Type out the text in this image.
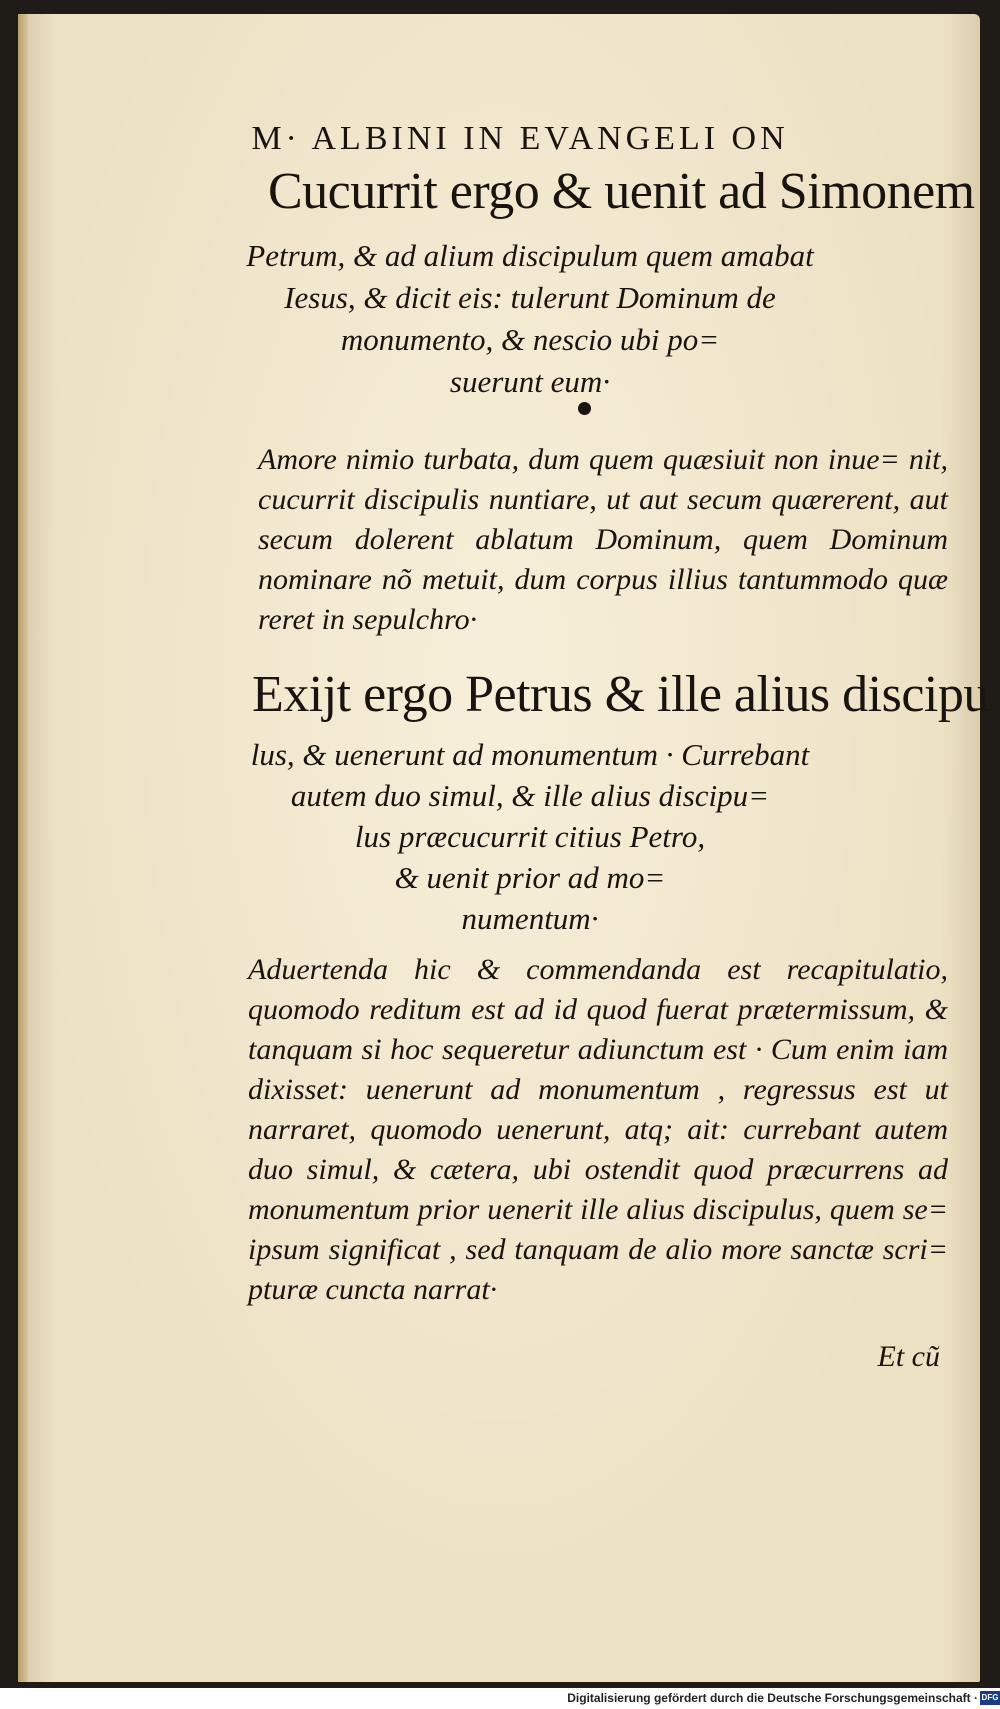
M· ALBINI IN EVANGELI ON

Cucurrit ergo & uenit ad Simonem

Petrum, & ad alium discipulum quem amabat

Iesus, & dicit eis: tulerunt Dominum de

monumento, & nescio ubi po=

suerunt eum·

Amore nimio turbata, dum quem quæsiuit non inue= nit, cucurrit discipulis nuntiare, ut aut secum quærerent, aut secum dolerent ablatum Dominum, quem Dominum nominare nõ metuit, dum corpus illius tantummodo quæ reret in sepulchro·

Exijt ergo Petrus & ille alius discipu

lus, & uenerunt ad monumentum · Currebant

autem duo simul, & ille alius discipu=

lus præcucurrit citius Petro,

& uenit prior ad mo=

numentum·

Aduertenda hic & commendanda est recapitulatio, quomodo reditum est ad id quod fuerat prætermissum, & tanquam si hoc sequeretur adiunctum est · Cum enim iam dixisset: uenerunt ad monumentum , regressus est ut narraret, quomodo uenerunt, atq; ait: currebant autem duo simul, & cætera, ubi ostendit quod præcurrens ad monumentum prior uenerit ille alius discipulus, quem se= ipsum significat , sed tanquam de alio more sanctæ scri= pturæ cuncta narrat·

Et cũ

Digitalisierung gefördert durch die Deutsche Forschungsgemeinschaft · DFG
